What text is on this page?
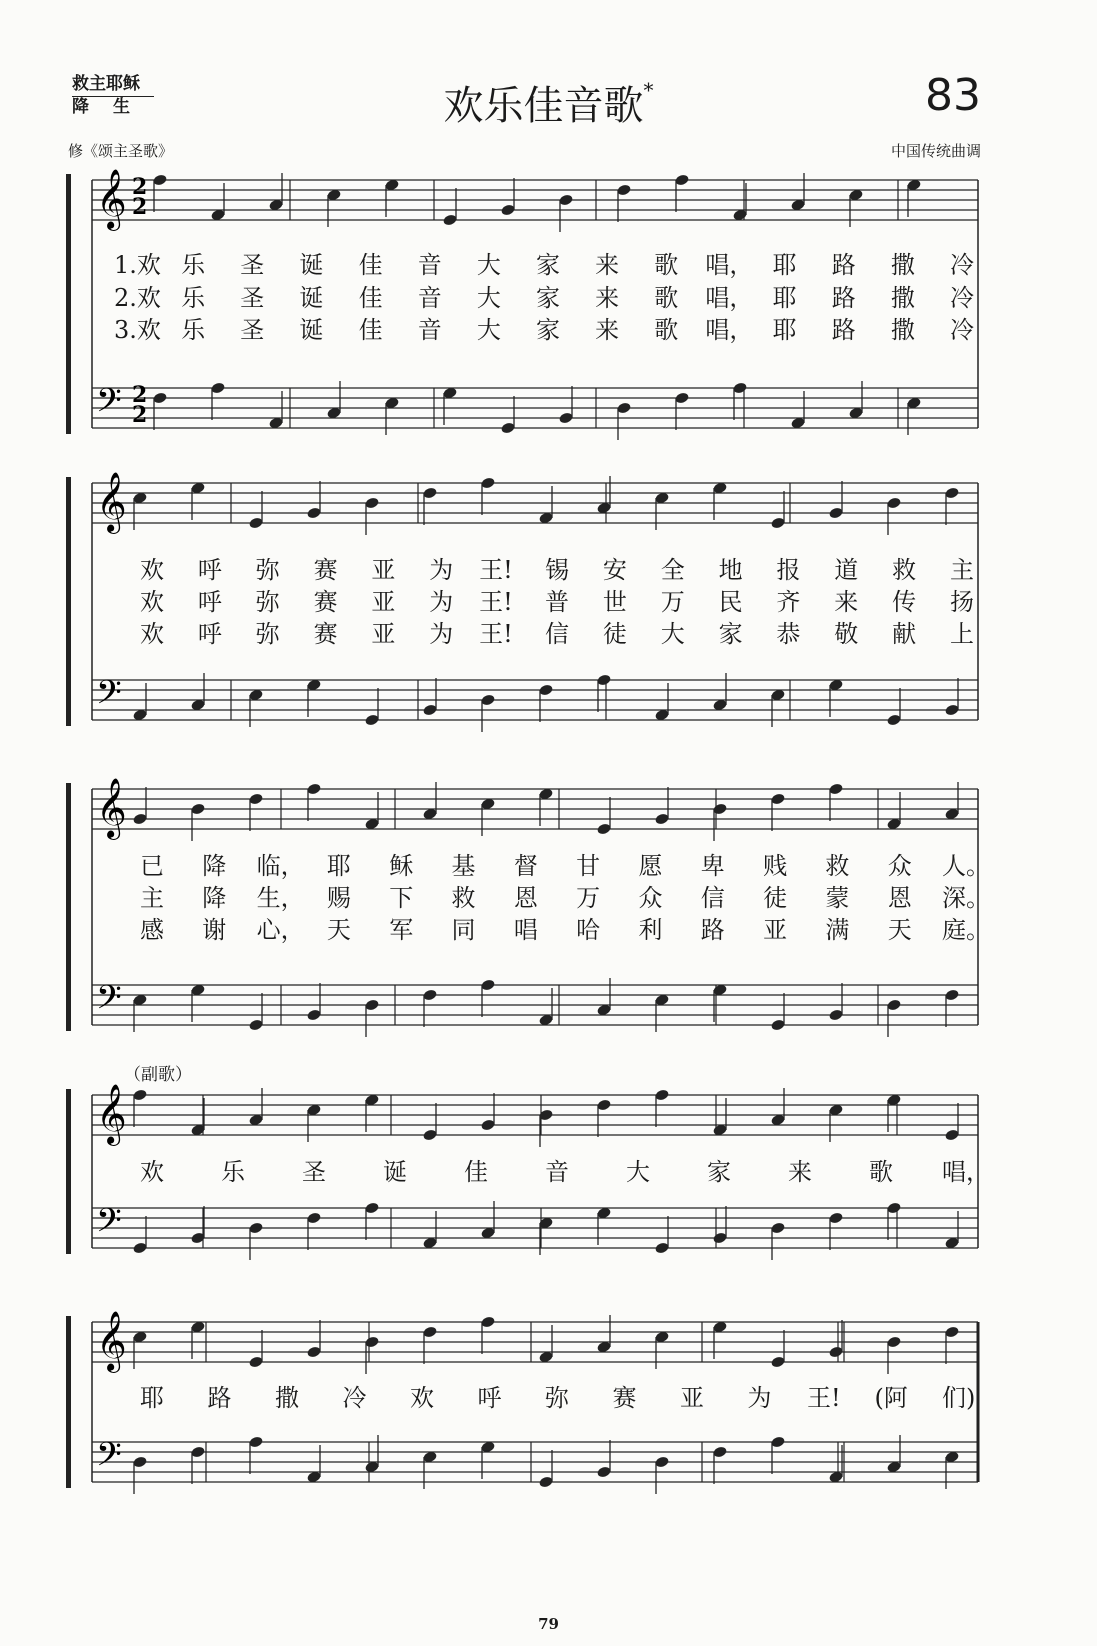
救主耶稣
降生	欢乐佳音歌*	83
修《颂主圣歌》	中国传统曲调
𝄞
𝄢
2
2
2
2
𝄞
𝄢
𝄞
𝄢
𝄞
𝄢
𝄞
𝄢
1.欢 乐 圣 诞 佳 音 大 家 来 歌 唱， 耶 路 撒 冷
2.欢 乐 圣 诞 佳 音 大 家 来 歌 唱， 耶 路 撒 冷
3.欢 乐 圣 诞 佳 音 大 家 来 歌 唱， 耶 路 撒 冷
欢 呼 弥 赛 亚 为 王! 锡 安 全 地 报 道 救 主
欢 呼 弥 赛 亚 为 王! 普 世 万 民 齐 来 传 扬
欢 呼 弥 赛 亚 为 王! 信 徒 大 家 恭 敬 献 上
已 降 临， 耶 稣 基 督 甘 愿 卑 贱 救 众 人。
主 降 生， 赐 下 救 恩 万 众 信 徒 蒙 恩 深。
感 谢 心， 天 军 同 唱 哈 利 路 亚 满 天 庭。
欢 乐 圣 诞 佳 音 大 家 来 歌 唱，
耶 路 撒 冷 欢 呼 弥 赛 亚 为 王! (阿 们)
（副歌）
79
